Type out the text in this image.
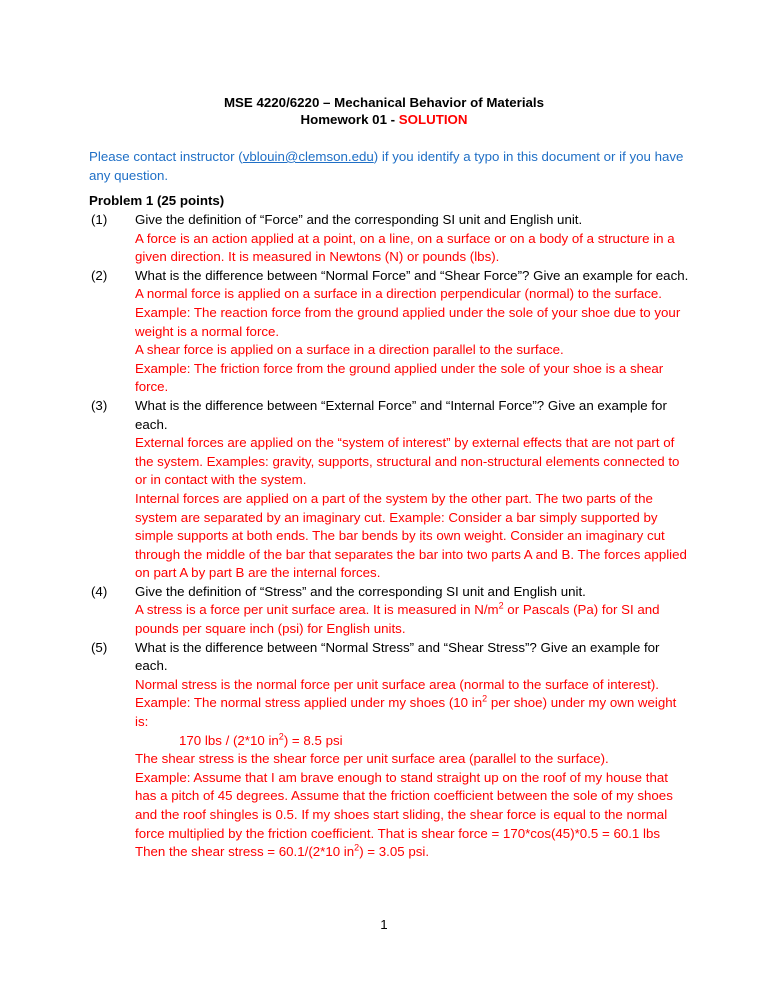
MSE 4220/6220 – Mechanical Behavior of Materials
Homework 01 - SOLUTION
Please contact instructor (vblouin@clemson.edu) if you identify a typo in this document or if you have any question.
Problem 1 (25 points)
(1)	Give the definition of “Force” and the corresponding SI unit and English unit.
A force is an action applied at a point, on a line, on a surface or on a body of a structure in a given direction. It is measured in Newtons (N) or pounds (lbs).
(2)	What is the difference between “Normal Force” and “Shear Force”? Give an example for each.
A normal force is applied on a surface in a direction perpendicular (normal) to the surface.
Example: The reaction force from the ground applied under the sole of your shoe due to your weight is a normal force.
A shear force is applied on a surface in a direction parallel to the surface.
Example: The friction force from the ground applied under the sole of your shoe is a shear force.
(3)	What is the difference between “External Force” and “Internal Force”? Give an example for each.
External forces are applied on the “system of interest” by external effects that are not part of the system. Examples: gravity, supports, structural and non-structural elements connected to or in contact with the system.
Internal forces are applied on a part of the system by the other part. The two parts of the system are separated by an imaginary cut. Example: Consider a bar simply supported by simple supports at both ends. The bar bends by its own weight. Consider an imaginary cut through the middle of the bar that separates the bar into two parts A and B. The forces applied on part A by part B are the internal forces.
(4)	Give the definition of “Stress” and the corresponding SI unit and English unit.
A stress is a force per unit surface area. It is measured in $N/m^2$ or Pascals (Pa) for SI and pounds per square inch (psi) for English units.
(5)	What is the difference between “Normal Stress” and “Shear Stress”? Give an example for each.
Normal stress is the normal force per unit surface area (normal to the surface of interest).
Example: The normal stress applied under my shoes (10 $in^2$ per shoe) under my own weight is:
170 lbs / (2*10 $in^2) = 8.5$ psi
The shear stress is the shear force per unit surface area (parallel to the surface).
Example: Assume that I am brave enough to stand straight up on the roof of my house that has a pitch of 45 degrees. Assume that the friction coefficient between the sole of my shoes and the roof shingles is 0.5. If my shoes start sliding, the shear force is equal to the normal force multiplied by the friction coefficient. That is shear force = 170*cos(45)*0.5 = 60.1 lbs
Then the shear stress = 60.1/(2*10 $in^2) = 3.05$ psi.
1
